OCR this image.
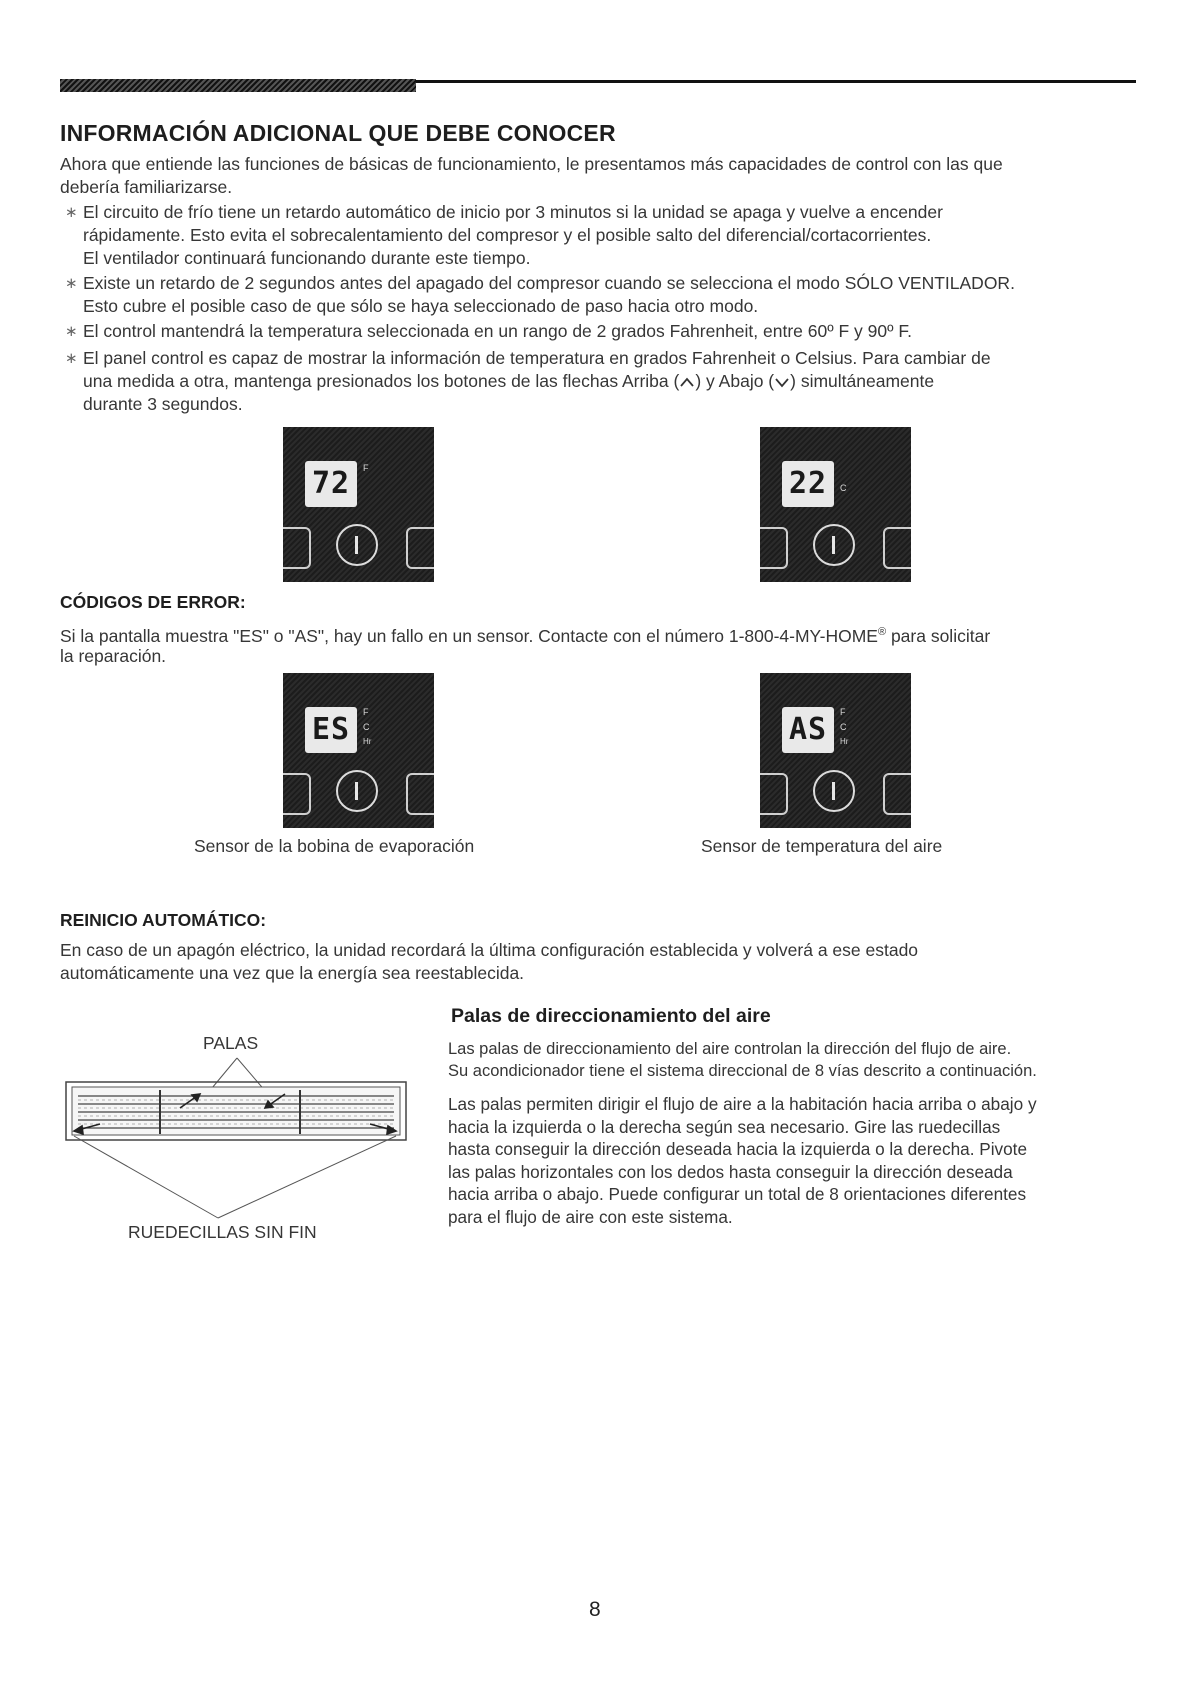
INFORMACIÓN ADICIONAL QUE DEBE CONOCER

Ahora que entiende las funciones de básicas de funcionamiento, le presentamos más capacidades de control con las que

debería familiarizarse.

∗ El circuito de frío tiene un retardo automático de inicio por 3 minutos si la unidad se apaga y vuelve a encender
rápidamente. Esto evita el sobrecalentamiento del compresor y el posible salto del diferencial/cortacorrientes.
El ventilador continuará funcionando durante este tiempo.
∗ Existe un retardo de 2 segundos antes del apagado del compresor cuando se selecciona el modo SÓLO VENTILADOR.
Esto cubre el posible caso de que sólo se haya seleccionado de paso hacia otro modo.
∗ El control mantendrá la temperatura seleccionada en un rango de 2 grados Fahrenheit, entre 60º F y 90º F.
∗ El panel control es capaz de mostrar la información de temperatura en grados Fahrenheit o Celsius. Para cambiar de
una medida a otra, mantenga presionados los botones de las flechas Arriba ( ) y Abajo ( ) simultáneamente
durante 3 segundos.
72	F	22	C
CÓDIGOS DE ERROR:

Si la pantalla muestra "ES" o "AS", hay un fallo en un sensor. Contacte con el número 1-800-4-MY-HOME® para solicitar

la reparación.

ES	F
C
Hr	AS	F
C
Hr
Sensor de la bobina de evaporación	Sensor de temperatura del aire
REINICIO AUTOMÁTICO:

En caso de un apagón eléctrico, la unidad recordará la última configuración establecida y volverá a ese estado

automáticamente una vez que la energía sea reestablecida.

PALAS
RUEDECILLAS SIN FIN
Palas de direccionamiento del aire
Las palas de direccionamiento del aire controlan la dirección del flujo de aire.
Su acondicionador tiene el sistema direccional de 8 vías descrito a continuación.
Las palas permiten dirigir el flujo de aire a la habitación hacia arriba o abajo y
hacia la izquierda o la derecha según sea necesario. Gire las ruedecillas
hasta conseguir la dirección deseada hacia la izquierda o la derecha. Pivote
las palas horizontales con los dedos hasta conseguir la dirección deseada
hacia arriba o abajo. Puede configurar un total de 8 orientaciones diferentes
para el flujo de aire con este sistema.
8
